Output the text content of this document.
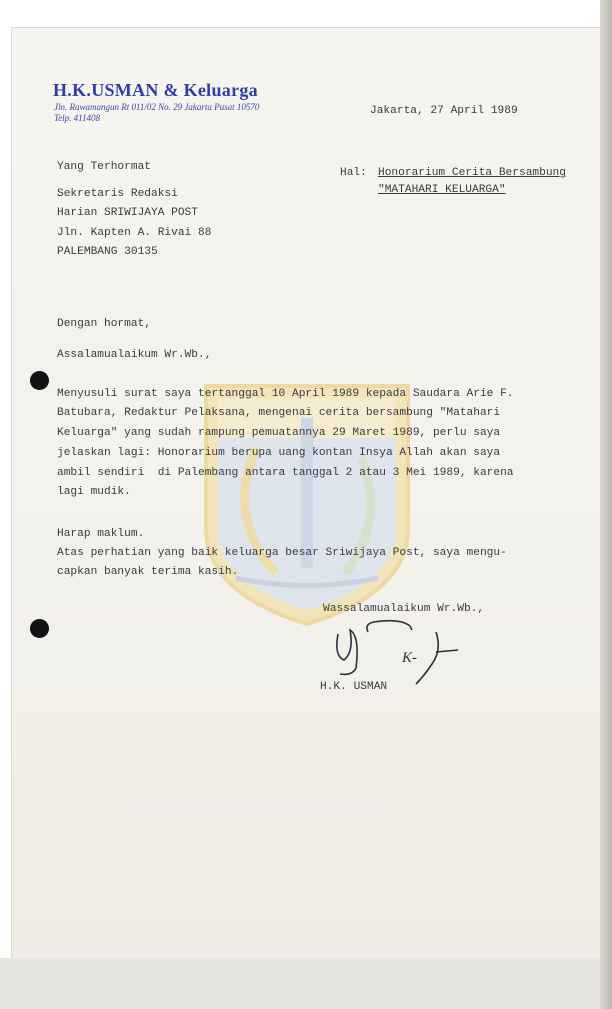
H.K.USMAN & Keluarga
Jln. Rawamangun Rt 011/02 No. 29 Jakarta Pusat 10570
Telp. 411408
Jakarta, 27 April 1989
Yang Terhormat
Sekretaris Redaksi
Harian SRIWIJAYA POST
Jln. Kapten A. Rivai 88
PALEMBANG 30135
Hal: Honorarium Cerita Bersambung
"MATAHARI KELUARGA"
Dengan hormat,
Assalamualaikum Wr.Wb.,
Menyusuli surat saya tertanggal 10 April 1989 kepada Saudara Arie F.
Batubara, Redaktur Pelaksana, mengenai cerita bersambung "Matahari
Keluarga" yang sudah rampung pemuatannya 29 Maret 1989, perlu saya
jelaskan lagi: Honorarium berupa uang kontan Insya Allah akan saya
ambil sendiri  di Palembang antara tanggal 2 atau 3 Mei 1989, karena
lagi mudik.
Harap maklum.
Atas perhatian yang baik keluarga besar Sriwijaya Post, saya mengu-
capkan banyak terima kasih.
Wassalamualaikum Wr.Wb.,
K-
H.K. USMAN
